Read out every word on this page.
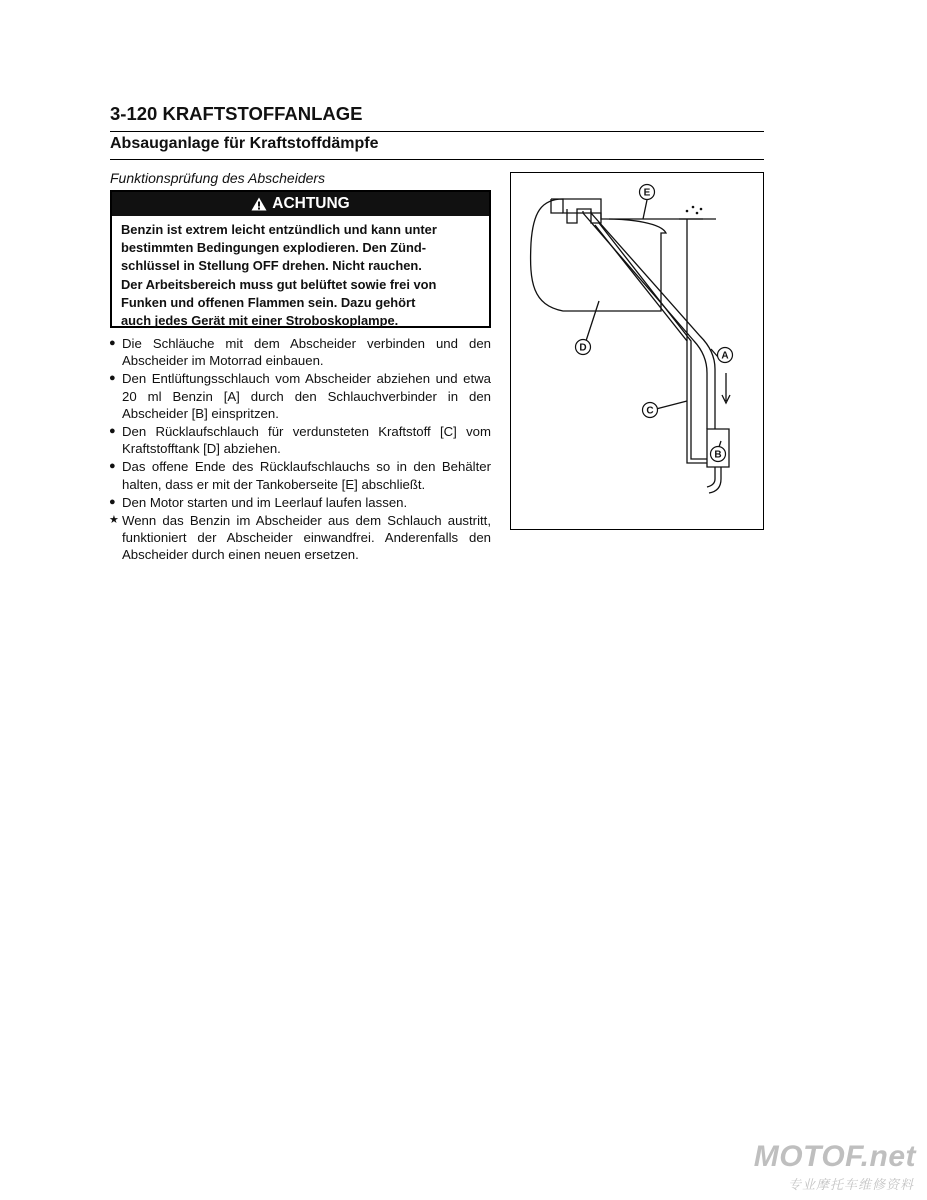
3-120 KRAFTSTOFFANLAGE
Absauganlage für Kraftstoffdämpfe
Funktionsprüfung des Abscheiders
ACHTUNG
Benzin ist extrem leicht entzündlich und kann unter
bestimmten Bedingungen explodieren. Den Zünd-
schlüssel in Stellung OFF drehen. Nicht rauchen.
Der Arbeitsbereich muss gut belüftet sowie frei von
Funken und offenen Flammen sein. Dazu gehört
auch jedes Gerät mit einer Stroboskoplampe.
● Die Schläuche mit dem Abscheider verbinden und den Abscheider im Motorrad einbauen.
● Den Entlüftungsschlauch vom Abscheider abziehen und etwa 20 ml Benzin [A] durch den Schlauchverbinder in den Abscheider [B] einspritzen.
● Den Rücklaufschlauch für verdunsteten Kraftstoff [C] vom Kraftstofftank [D] abziehen.
● Das offene Ende des Rücklaufschlauchs so in den Behälter halten, dass er mit der Tankoberseite [E] abschließt.
● Den Motor starten und im Leerlauf laufen lassen.
★ Wenn das Benzin im Abscheider aus dem Schlauch austritt, funktioniert der Abscheider einwandfrei. Anderenfalls den Abscheider durch einen neuen ersetzen.
E
D
A
C
B
MOTOF.net
专业摩托车维修资料
